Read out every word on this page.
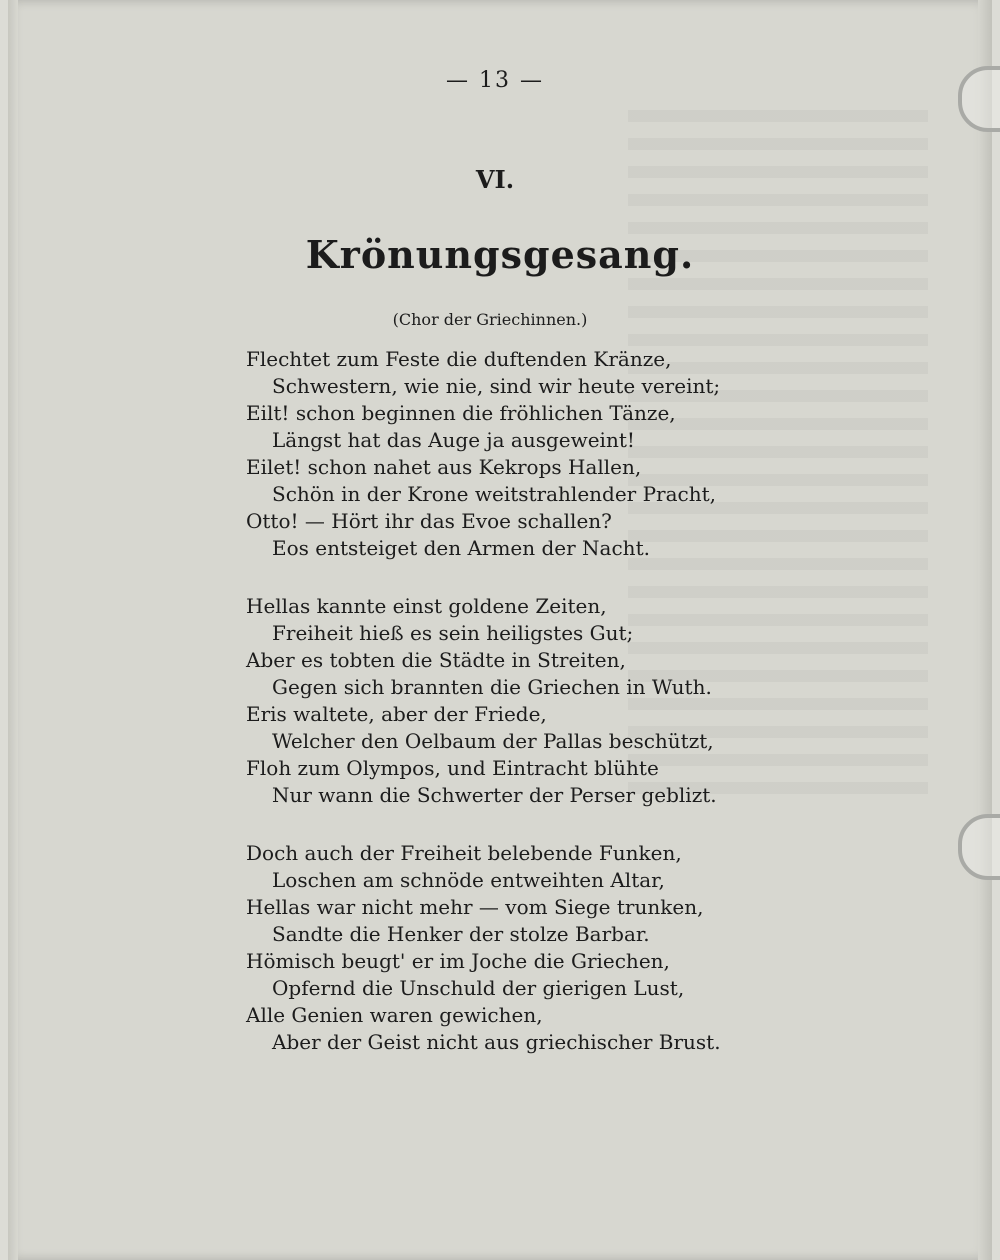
— 13 —
VI.
Krönungsgesang.
(Chor der Griechinnen.)
Flechtet zum Feste die duftenden Kränze,
Schwestern, wie nie, sind wir heute vereint;
Eilt! schon beginnen die fröhlichen Tänze,
Längst hat das Auge ja ausgeweint!
Eilet! schon nahet aus Kekrops Hallen,
Schön in der Krone weitstrahlender Pracht,
Otto! — Hört ihr das Evoe schallen?
Eos entsteiget den Armen der Nacht.
Hellas kannte einst goldene Zeiten,
Freiheit hieß es sein heiligstes Gut;
Aber es tobten die Städte in Streiten,
Gegen sich brannten die Griechen in Wuth.
Eris waltete, aber der Friede,
Welcher den Oelbaum der Pallas beschützt,
Floh zum Olympos, und Eintracht blühte
Nur wann die Schwerter der Perser geblizt.
Doch auch der Freiheit belebende Funken,
Loschen am schnöde entweihten Altar,
Hellas war nicht mehr — vom Siege trunken,
Sandte die Henker der stolze Barbar.
Hömisch beugt' er im Joche die Griechen,
Opfernd die Unschuld der gierigen Lust,
Alle Genien waren gewichen,
Aber der Geist nicht aus griechischer Brust.
